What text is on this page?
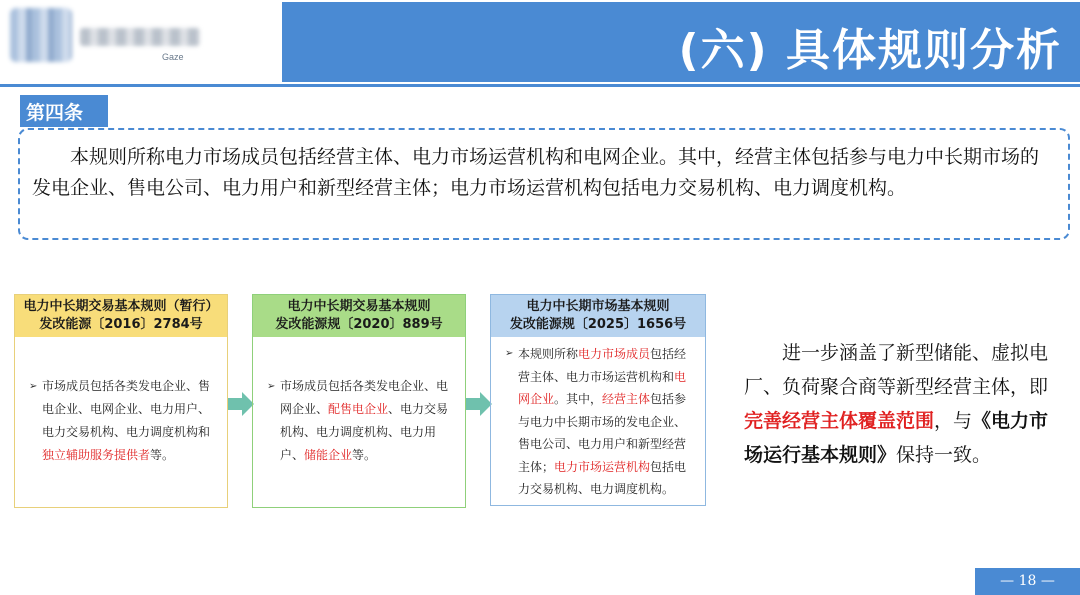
Gaze	(六) 具体规则分析
第四条

本规则所称电力市场成员包括经营主体、电力市场运营机构和电网企业。其中，经营主体包括参与电力中长期市场的发电企业、售电公司、电力用户和新型经营主体；电力市场运营机构包括电力交易机构、电力调度机构。

电力中长期交易基本规则（暂行）
发改能源〔2016〕2784号
➢ 市场成员包括各类发电企业、售电企业、电网企业、电力用户、电力交易机构、电力调度机构和独立辅助服务提供者等。
电力中长期交易基本规则
发改能源规〔2020〕889号
➢ 市场成员包括各类发电企业、电网企业、配售电企业、电力交易机构、电力调度机构、电力用户、储能企业等。
电力中长期市场基本规则
发改能源规〔2025〕1656号
➢ 本规则所称电力市场成员包括经营主体、电力市场运营机构和电网企业。其中，经营主体包括参与电力中长期市场的发电企业、售电公司、电力用户和新型经营主体；电力市场运营机构包括电力交易机构、电力调度机构。
进一步涵盖了新型储能、虚拟电厂、负荷聚合商等新型经营主体，即完善经营主体覆盖范围，与《电力市场运行基本规则》保持一致。
— 18 —
